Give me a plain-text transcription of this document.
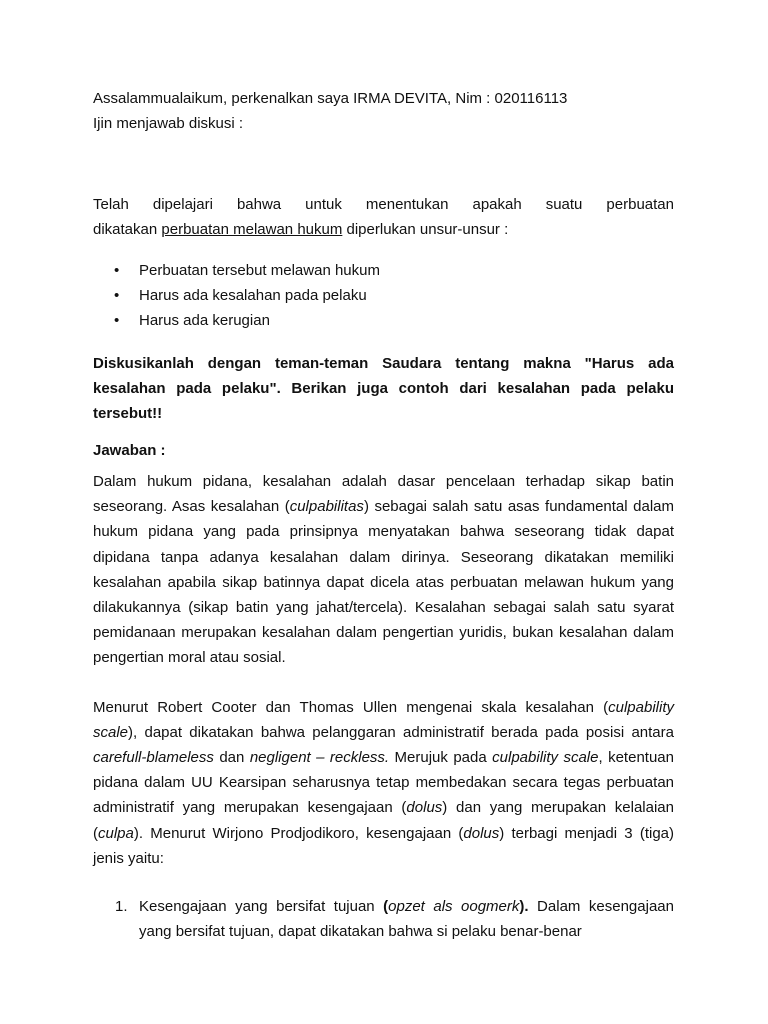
Assalammualaikum, perkenalkan saya IRMA DEVITA, Nim : 020116113

Ijin menjawab diskusi :

Telah dipelajari bahwa untuk menentukan apakah suatu perbuatan

dikatakan perbuatan melawan hukum diperlukan unsur-unsur :

• Perbuatan tersebut melawan hukum
• Harus ada kesalahan pada pelaku
• Harus ada kerugian

Diskusikanlah dengan teman-teman Saudara tentang makna "Harus ada kesalahan pada pelaku". Berikan juga contoh dari kesalahan pada pelaku tersebut!!

Jawaban :

Dalam hukum pidana, kesalahan adalah dasar pencelaan terhadap sikap batin seseorang. Asas kesalahan (culpabilitas) sebagai salah satu asas fundamental dalam hukum pidana yang pada prinsipnya menyatakan bahwa seseorang tidak dapat dipidana tanpa adanya kesalahan dalam dirinya. Seseorang dikatakan memiliki kesalahan apabila sikap batinnya dapat dicela atas perbuatan melawan hukum yang dilakukannya (sikap batin yang jahat/tercela). Kesalahan sebagai salah satu syarat pemidanaan merupakan kesalahan dalam pengertian yuridis, bukan kesalahan dalam pengertian moral atau sosial.

Menurut Robert Cooter dan Thomas Ullen mengenai skala kesalahan (culpability scale), dapat dikatakan bahwa pelanggaran administratif berada pada posisi antara carefull-blameless dan negligent – reckless. Merujuk pada culpability scale, ketentuan pidana dalam UU Kearsipan seharusnya tetap membedakan secara tegas perbuatan administratif yang merupakan kesengajaan (dolus) dan yang merupakan kelalaian (culpa). Menurut Wirjono Prodjodikoro, kesengajaan (dolus) terbagi menjadi 3 (tiga) jenis yaitu:

1. Kesengajaan yang bersifat tujuan (opzet als oogmerk). Dalam kesengajaan yang bersifat tujuan, dapat dikatakan bahwa si pelaku benar-benar
